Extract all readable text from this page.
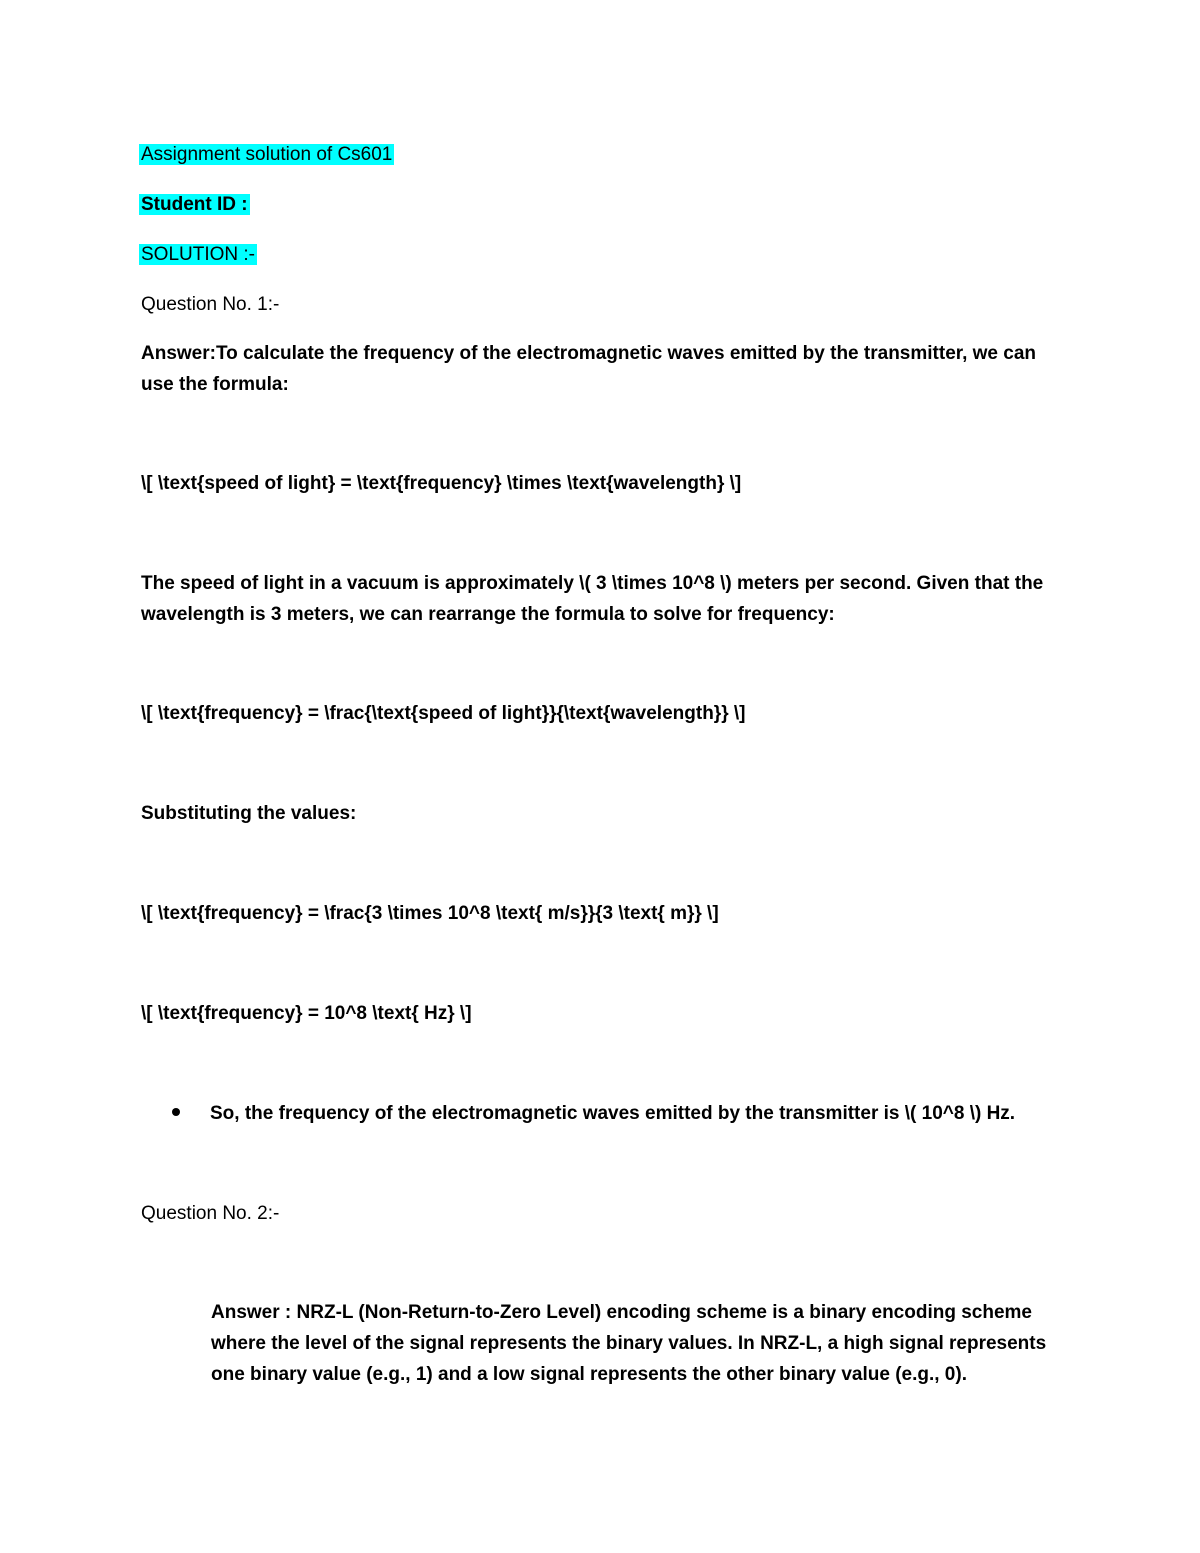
Assignment solution of Cs601
Student ID :
SOLUTION :-
Question No. 1:-
Answer:To calculate the frequency of the electromagnetic waves emitted by the transmitter, we can use the formula:
\[ \text{speed of light} = \text{frequency} \times \text{wavelength} \]
The speed of light in a vacuum is approximately \( 3 \times 10^8 \) meters per second. Given that the wavelength is 3 meters, we can rearrange the formula to solve for frequency:
\[ \text{frequency} = \frac{\text{speed of light}}{\text{wavelength}} \]
Substituting the values:
\[ \text{frequency} = \frac{3 \times 10^8 \text{ m/s}}{3 \text{ m}} \]
\[ \text{frequency} = 10^8 \text{ Hz} \]
So, the frequency of the electromagnetic waves emitted by the transmitter is \( 10^8 \) Hz.
Question No. 2:-
Answer : NRZ-L (Non-Return-to-Zero Level) encoding scheme is a binary encoding scheme where the level of the signal represents the binary values. In NRZ-L, a high signal represents one binary value (e.g., 1) and a low signal represents the other binary value (e.g., 0).
